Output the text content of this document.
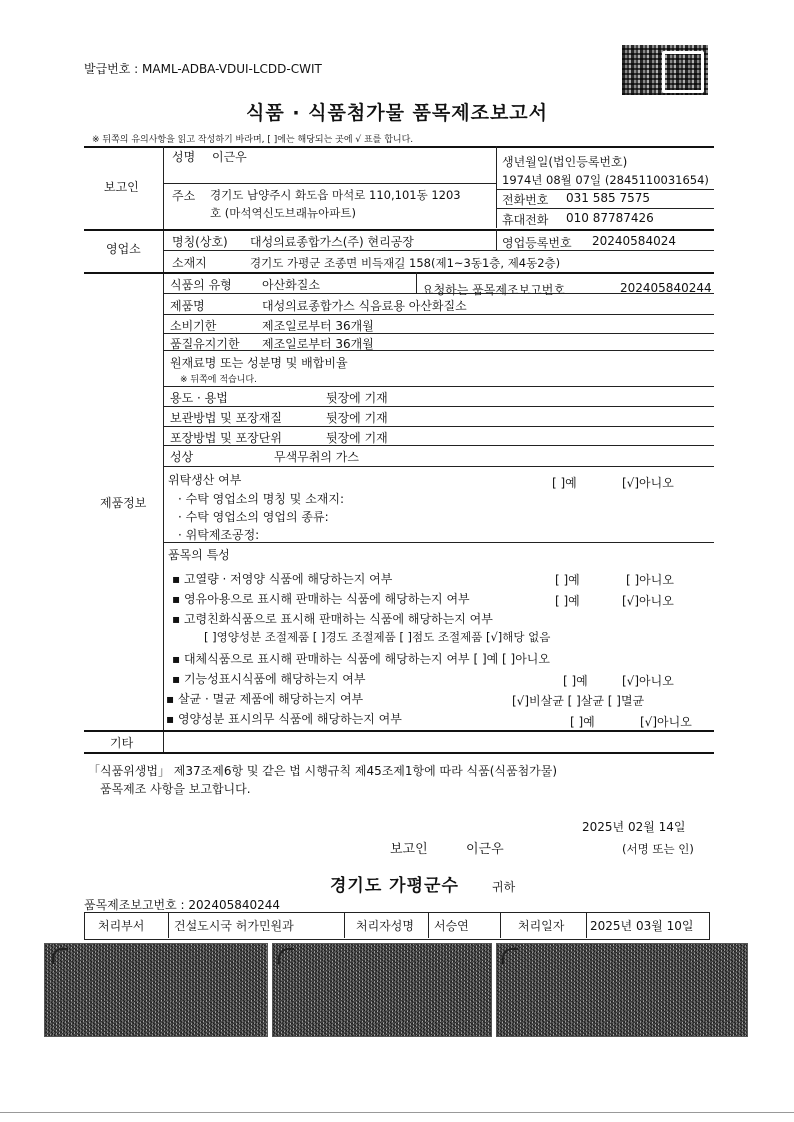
발급번호 : MAML-ADBA-VDUI-LCDD-CWIT
식품 · 식품첨가물 품목제조보고서
※ 뒤쪽의 유의사항을 읽고 작성하기 바라며, [ ]에는 해당되는 곳에 √ 표를 합니다.
보고인
성명 이근우	생년월일(법인등록번호)
1974년 08월 07일 (2845110031654)
주소 경기도 남양주시 화도읍 마석로 110,101동 1203
호 (마석역신도브래뉴아파트)
전화번호 031 585 7575
휴대전화 010 87787426
영업소	명칭(상호) 대성의료종합가스(주) 현리공장	영업등록번호 20240584024
소재지	경기도 가평군 조종면 비득재길 158(제1~3동1층, 제4동2층)
제품정보
식품의 유형	아산화질소	요청하는 품목제조보고번호	202405840244
제품명	대성의료종합가스 식음료용 아산화질소
소비기한	제조일로부터 36개월
품질유지기한 제조일로부터 36개월
원재료명 또는 성분명 및 배합비율
※ 뒤쪽에 적습니다.
용도 · 용법	뒷장에 기재
보관방법 및 포장재질	뒷장에 기재
포장방법 및 포장단위	뒷장에 기재
성상	무색무취의 가스
위탁생산 여부	[ ]예	[√]아니오
· 수탁 영업소의 명칭 및 소재지:
· 수탁 영업소의 영업의 종류:
· 위탁제조공정:
품목의 특성
▪ 고열량 · 저영양 식품에 해당하는지 여부	[ ]예	[ ]아니오
▪ 영유아용으로 표시해 판매하는 식품에 해당하는지 여부	[ ]예	[√]아니오
▪ 고령친화식품으로 표시해 판매하는 식품에 해당하는지 여부
[ ]영양성분 조절제품 [ ]경도 조절제품 [ ]점도 조절제품 [√]해당 없음
▪ 대체식품으로 표시해 판매하는 식품에 해당하는지 여부 [ ]예 [ ]아니오
▪ 기능성표시식품에 해당하는지 여부	[ ]예	[√]아니오
▪ 살균 · 멸균 제품에 해당하는지 여부	[√]비살균 [ ]살균 [ ]멸균
▪ 영양성분 표시의무 식품에 해당하는지 여부	[ ]예	[√]아니오
기타
「식품위생법」 제37조제6항 및 같은 법 시행규칙 제45조제1항에 따라 식품(식품첨가물)
품목제조 사항을 보고합니다.
2025년 02월 14일
보고인	이근우	(서명 또는 인)
경기도 가평군수	귀하
품목제조보고번호 : 202405840244
처리부서 건설도시국 허가민원과	처리자성명 서승연	처리일자 2025년 03월 10일
